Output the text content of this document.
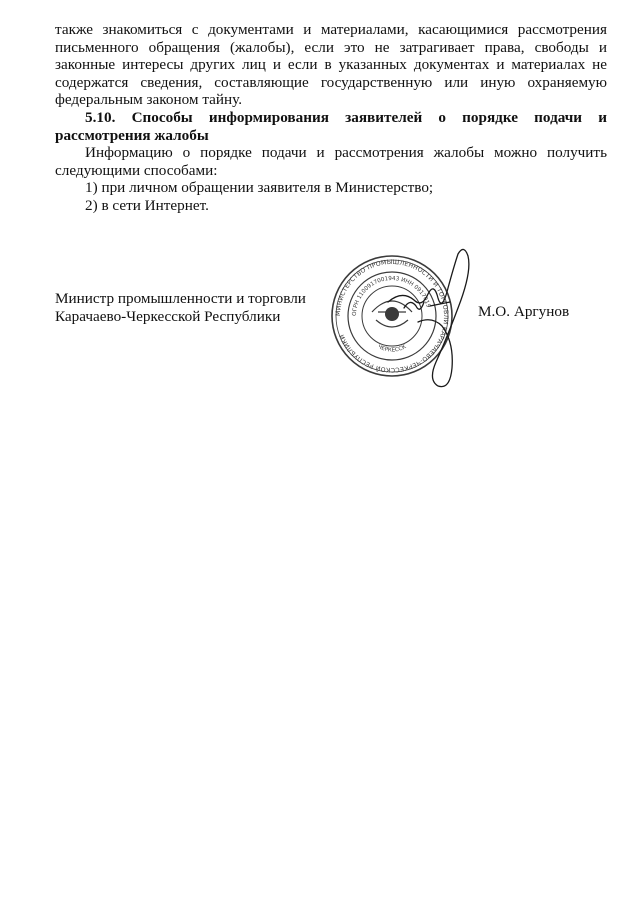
также знакомиться с документами и материалами, касающимися рассмотрения письменного обращения (жалобы), если это не затрагивает права, свободы и законные интересы других лиц и если в указанных документах и материалах не содержатся сведения, составляющие государственную или иную охраняемую федеральным законом тайну.

5.10. Способы информирования заявителей о порядке подачи и рассмотрения жалобы

Информацию о порядке подачи и рассмотрения жалобы можно получить следующими способами:

1) при личном обращении заявителя в Министерство;

2) в сети Интернет.

Министр промышленности и торговли
Карачаево-Черкесской Республики	М.О. Аргунов
МИНИСТЕРСТВО ПРОМЫШЛЕННОСТИ И ТОРГОВЛИ КАРАЧАЕВО-ЧЕРКЕССКОЙ РЕСПУБЛИКИ
ОГРН 1100917001943 ИНН 0917019
ЧЕРКЕССК
